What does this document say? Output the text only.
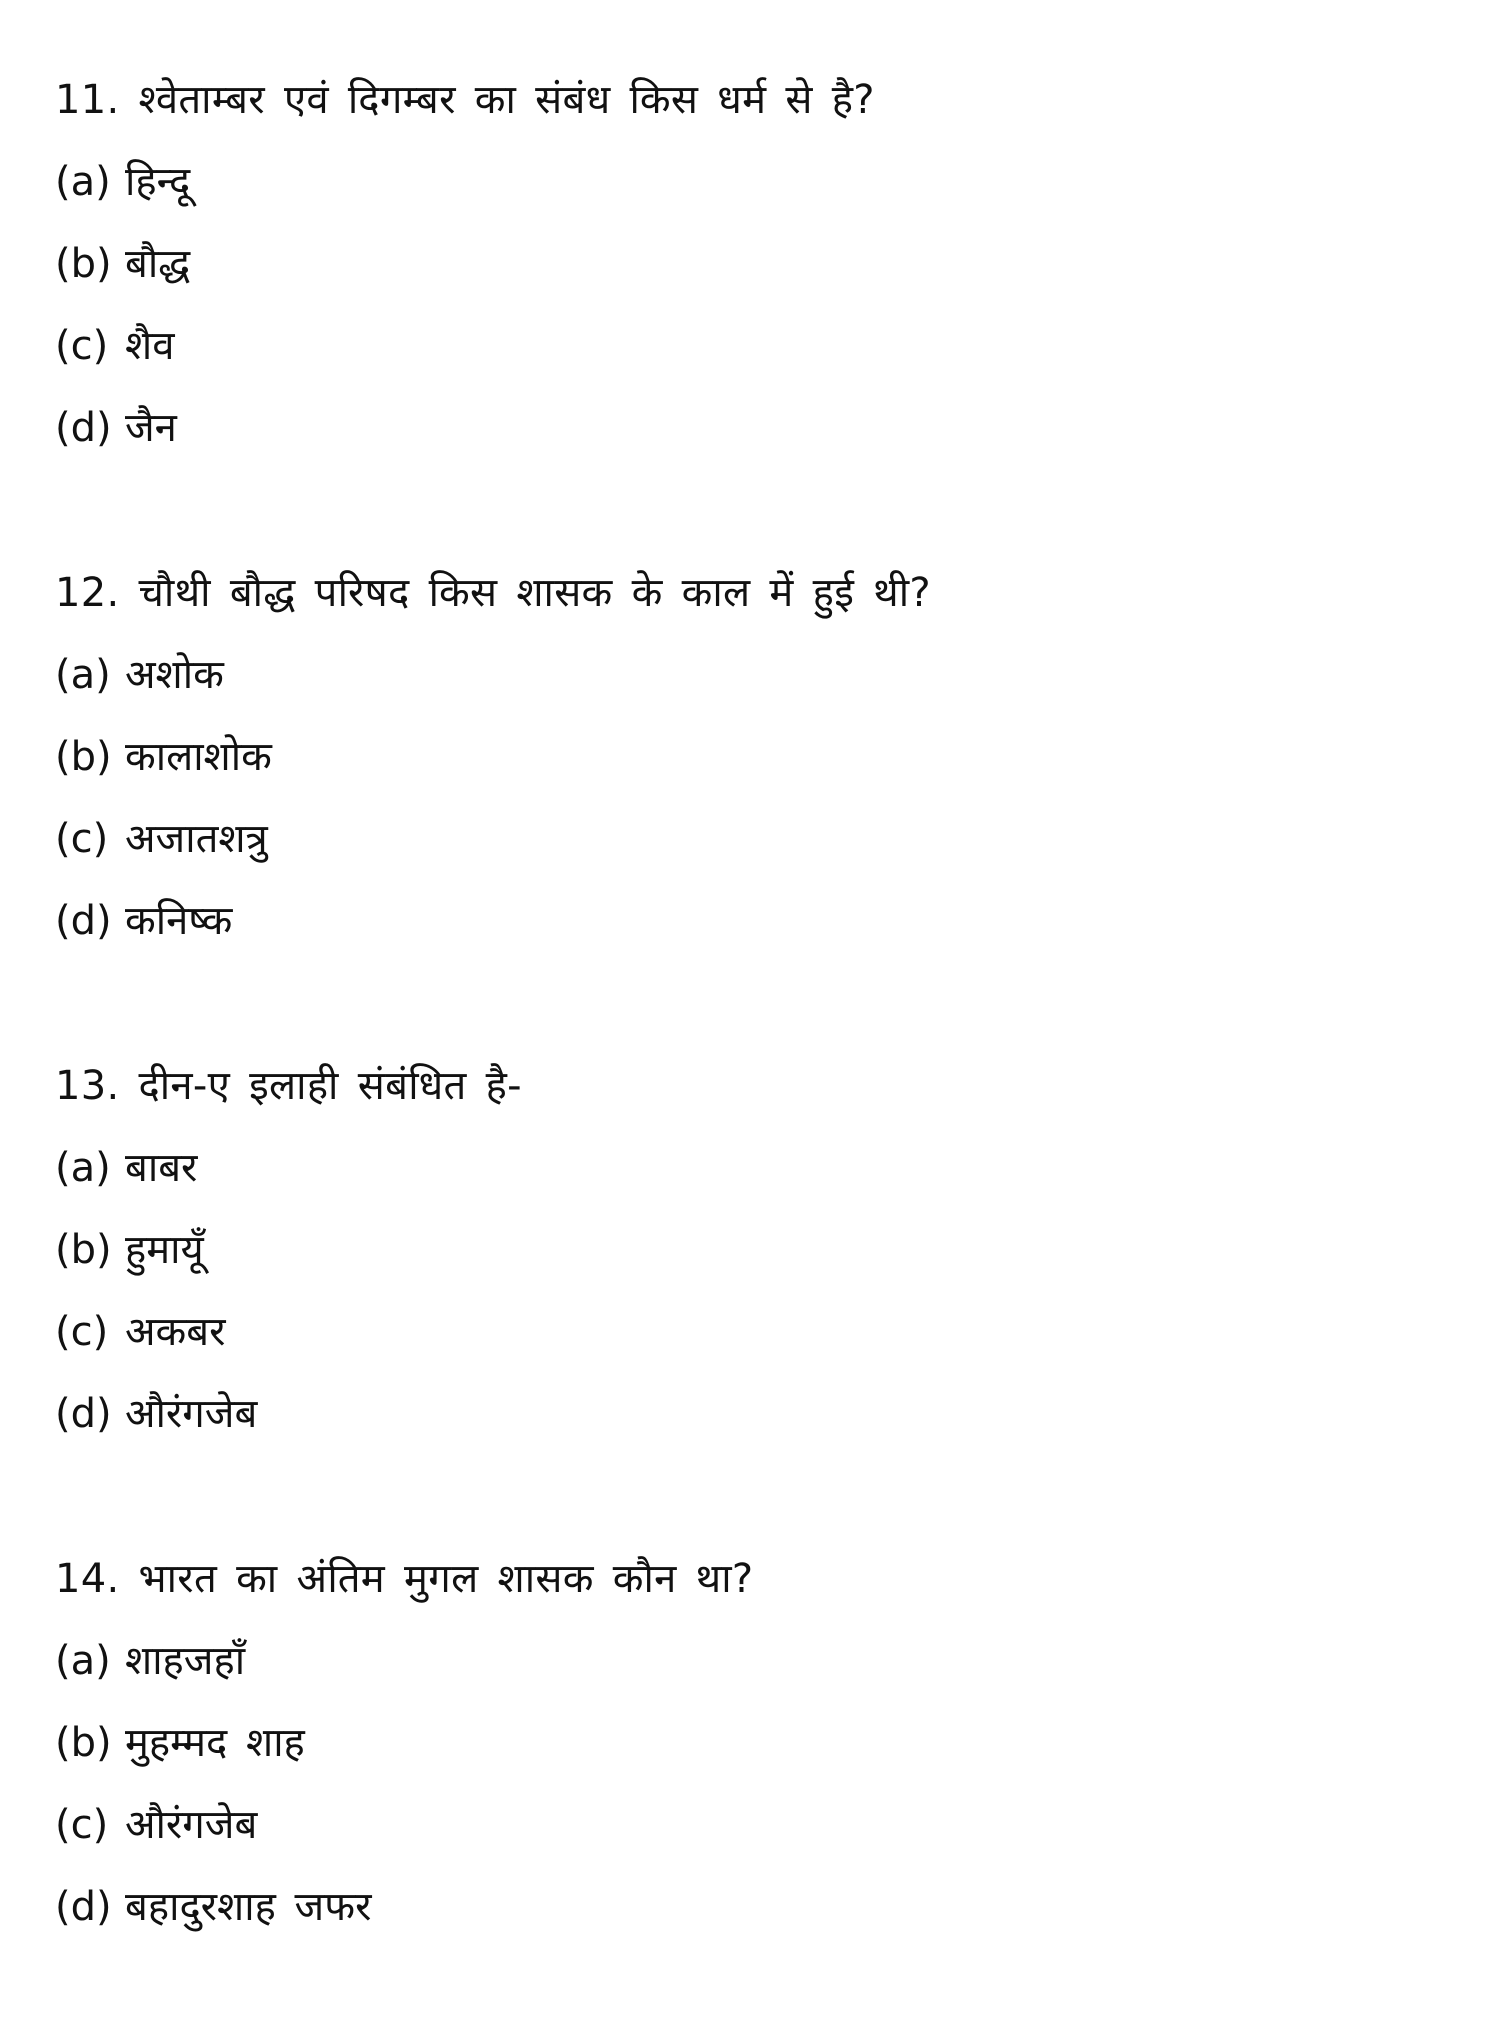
11. श्वेताम्बर एवं दिगम्बर का संबंध किस धर्म से है?
(a) हिन्दू
(b) बौद्ध
(c) शैव
(d) जैन
12. चौथी बौद्ध परिषद किस शासक के काल में हुई थी?
(a) अशोक
(b) कालाशोक
(c) अजातशत्रु
(d) कनिष्क
13. दीन-ए इलाही संबंधित है-
(a) बाबर
(b) हुमायूँ
(c) अकबर
(d) औरंगजेब
14. भारत का अंतिम मुगल शासक कौन था?
(a) शाहजहाँ
(b) मुहम्मद शाह
(c) औरंगजेब
(d) बहादुरशाह जफर
